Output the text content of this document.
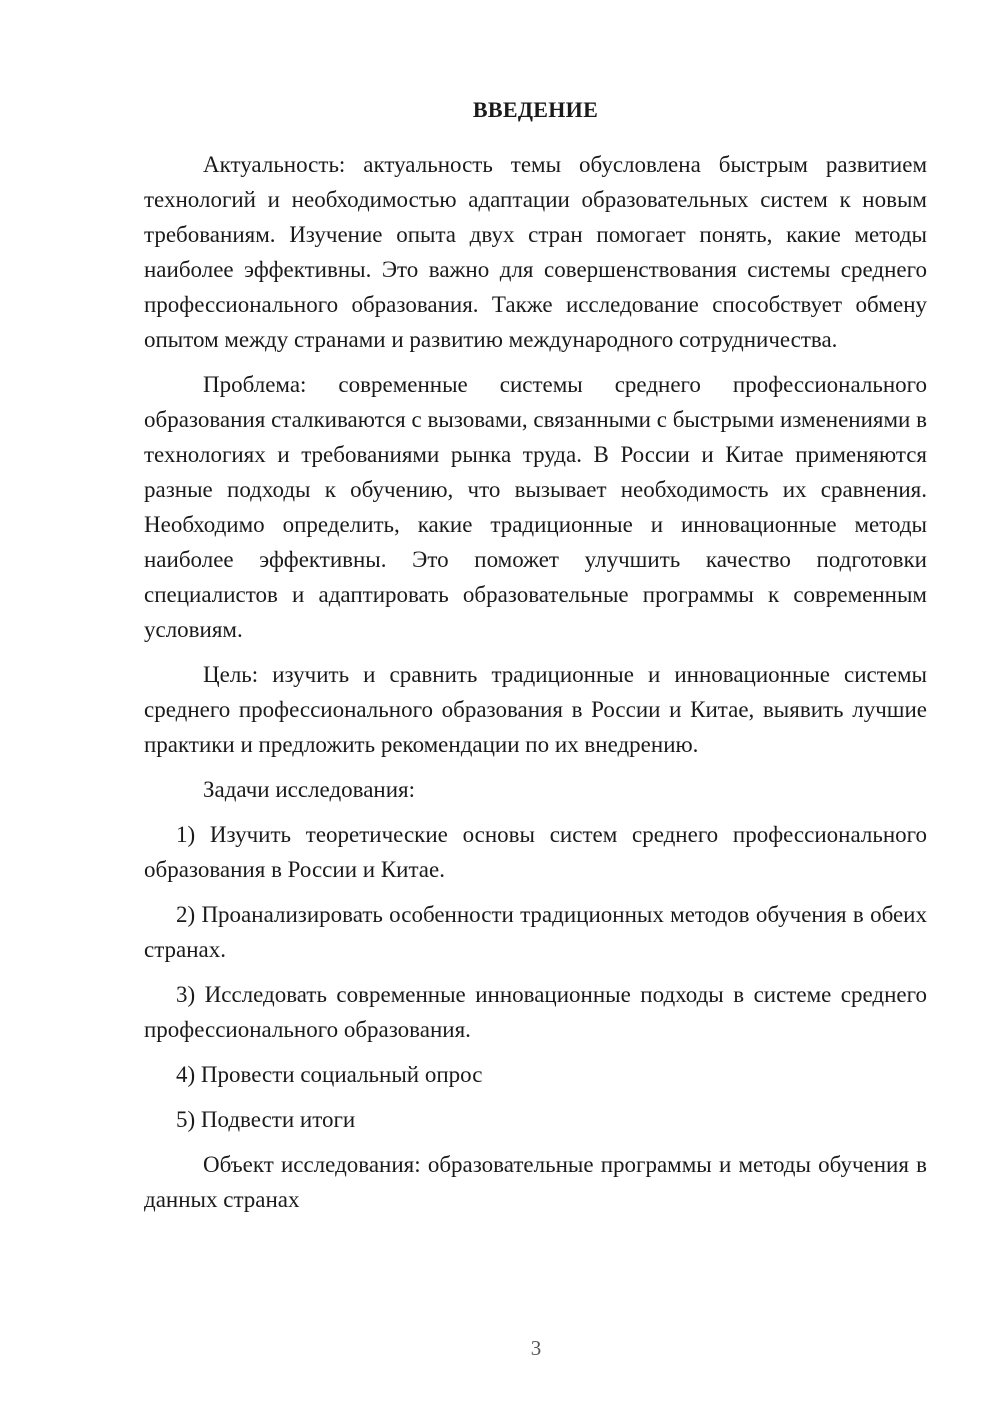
ВВЕДЕНИЕ

Актуальность: актуальность темы обусловлена быстрым развитием технологий и необходимостью адаптации образовательных систем к новым требованиям. Изучение опыта двух стран помогает понять, какие методы наиболее эффективны. Это важно для совершенствования системы среднего профессионального образования. Также исследование способствует обмену опытом между странами и развитию международного сотрудничества.

Проблема: современные системы среднего профессионального образования сталкиваются с вызовами, связанными с быстрыми изменениями в технологиях и требованиями рынка труда. В России и Китае применяются разные подходы к обучению, что вызывает необходимость их сравнения. Необходимо определить, какие традиционные и инновационные методы наиболее эффективны. Это поможет улучшить качество подготовки специалистов и адаптировать образовательные программы к современным условиям.

Цель: изучить и сравнить традиционные и инновационные системы среднего профессионального образования в России и Китае, выявить лучшие практики и предложить рекомендации по их внедрению.

Задачи исследования:

1) Изучить теоретические основы систем среднего профессионального образования в России и Китае.

2) Проанализировать особенности традиционных методов обучения в обеих странах.

3) Исследовать современные инновационные подходы в системе среднего профессионального образования.

4) Провести социальный опрос

5) Подвести итоги

Объект исследования: образовательные программы и методы обучения в данных странах

3
